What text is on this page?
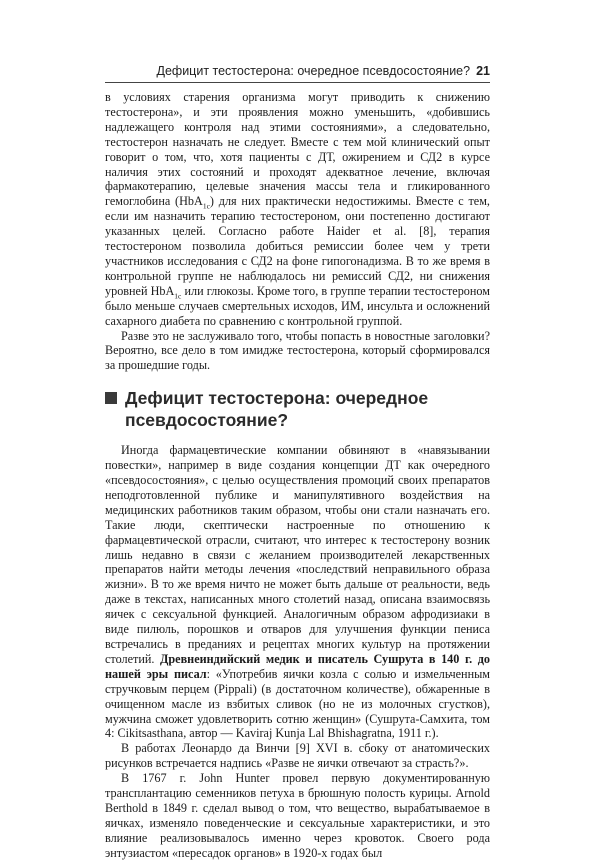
Дефицит тестостерона: очередное псевдосостояние? 21

в условиях старения организма могут приводить к снижению тестостерона», и эти проявления можно уменьшить, «добившись надлежащего контроля над этими состояниями», а следовательно, тестостерон назначать не следует. Вместе с тем мой клинический опыт говорит о том, что, хотя пациенты с ДТ, ожирением и СД2 в курсе наличия этих состояний и проходят адекватное лечение, включая фармакотерапию, целевые значения массы тела и гликированного гемоглобина (HbA$_{1c}$) для них практически недостижимы. Вместе с тем, если им назначить терапию тестостероном, они постепенно достигают указанных целей. Согласно работе Haider et al. [8], терапия тестостероном позволила добиться ремиссии более чем у трети участников исследования с СД2 на фоне гипогонадизма. В то же время в контрольной группе не наблюдалось ни ремиссий СД2, ни снижения уровней HbA$_{1c}$ или глюкозы. Кроме того, в группе терапии тестостероном было меньше случаев смертельных исходов, ИМ, инсульта и осложнений сахарного диабета по сравнению с контрольной группой.

Разве это не заслуживало того, чтобы попасть в новостные заголовки? Вероятно, все дело в том имидже тестостерона, который сформировался за прошедшие годы.

Дефицит тестостерона: очередное псевдосостояние?

Иногда фармацевтические компании обвиняют в «навязывании повестки», например в виде создания концепции ДТ как очередного «псевдосостояния», с целью осуществления промоций своих препаратов неподготовленной публике и манипулятивного воздействия на медицинских работников таким образом, чтобы они стали назначать его. Такие люди, скептически настроенные по отношению к фармацевтической отрасли, считают, что интерес к тестостерону возник лишь недавно в связи с желанием производителей лекарственных препаратов найти методы лечения «последствий неправильного образа жизни». В то же время ничто не может быть дальше от реальности, ведь даже в текстах, написанных много столетий назад, описана взаимосвязь яичек с сексуальной функцией. Аналогичным образом афродизиаки в виде пилюль, порошков и отваров для улучшения функции пениса встречались в преданиях и рецептах многих культур на протяжении столетий. Древнеиндийский медик и писатель Сушрута в 140 г. до нашей эры писал: «Употребив яички козла с солью и измельченным стручковым перцем (Pippali) (в достаточном количестве), обжаренные в очищенном масле из взбитых сливок (но не из молочных сгустков), мужчина сможет удовлетворить сотню женщин» (Сушрута-Самхита, том 4: Cikitsasthana, автор — Kaviraj Kunja Lal Bhishagratna, 1911 г.).

В работах Леонардо да Винчи [9] XVI в. сбоку от анатомических рисунков встречается надпись «Разве не яички отвечают за страсть?».

В 1767 г. John Hunter провел первую документированную трансплантацию семенников петуха в брюшную полость курицы. Arnold Berthold в 1849 г. сделал вывод о том, что вещество, вырабатываемое в яичках, изменяло поведенческие и сексуальные характеристики, и это влияние реализовывалось именно через кровоток. Своего рода энтузиастом «пересадок органов» в 1920-х годах был
